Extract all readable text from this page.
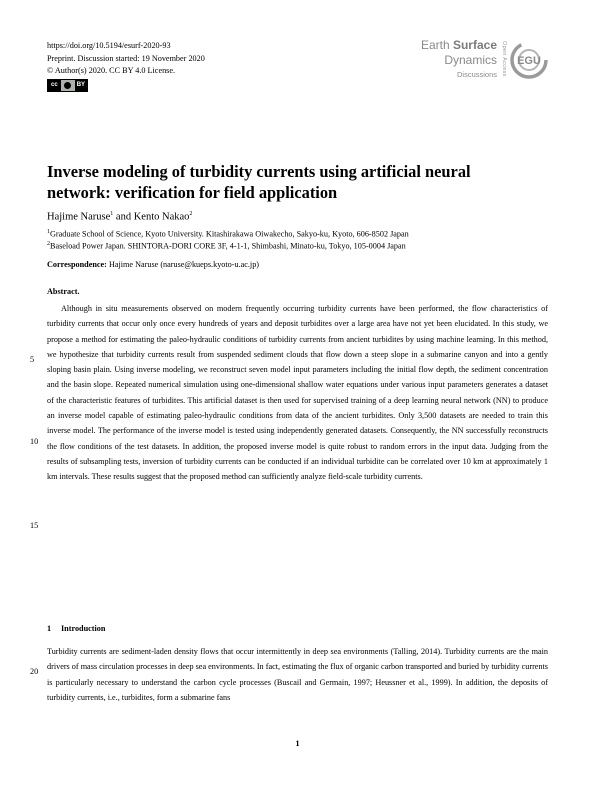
https://doi.org/10.5194/esurf-2020-93
Preprint. Discussion started: 19 November 2020
© Author(s) 2020. CC BY 4.0 License.
cc	BY
Earth Surface
Dynamics
Discussions Open Access EGU
Inverse modeling of turbidity currents using artificial neural network: verification for field application
Hajime Naruse$^1$ and Kento Nakao$^2$
$^1$Graduate School of Science, Kyoto University. Kitashirakawa Oiwakecho, Sakyo-ku, Kyoto, 606-8502 Japan
$^2$Baseload Power Japan. SHINTORA-DORI CORE 3F, 4-1-1, Shimbashi, Minato-ku, Tokyo, 105-0004 Japan
Correspondence: Hajime Naruse (naruse@kueps.kyoto-u.ac.jp)
Abstract.

Although in situ measurements observed on modern frequently occurring turbidity currents have been performed, the flow characteristics of turbidity currents that occur only once every hundreds of years and deposit turbidites over a large area have not yet been elucidated. In this study, we propose a method for estimating the paleo-hydraulic conditions of turbidity currents from ancient turbidites by using machine learning. In this method, we hypothesize that turbidity currents result from suspended sediment clouds that flow down a steep slope in a submarine canyon and into a gently sloping basin plain. Using inverse modeling, we reconstruct seven model input parameters including the initial flow depth, the sediment concentration and the basin slope. Repeated numerical simulation using one-dimensional shallow water equations under various input parameters generates a dataset of the characteristic features of turbidites. This artificial dataset is then used for supervised training of a deep learning neural network (NN) to produce an inverse model capable of estimating paleo-hydraulic conditions from data of the ancient turbidites. Only 3,500 datasets are needed to train this inverse model. The performance of the inverse model is tested using independently generated datasets. Consequently, the NN successfully reconstructs the flow conditions of the test datasets. In addition, the proposed inverse model is quite robust to random errors in the input data. Judging from the results of subsampling tests, inversion of turbidity currents can be conducted if an individual turbidite can be correlated over 10 km at approximately 1 km intervals. These results suggest that the proposed method can sufficiently analyze field-scale turbidity currents.

5
10
15
20
1 Introduction

Turbidity currents are sediment-laden density flows that occur intermittently in deep sea environments (Talling, 2014). Turbidity currents are the main drivers of mass circulation processes in deep sea environments. In fact, estimating the flux of organic carbon transported and buried by turbidity currents is particularly necessary to understand the carbon cycle processes (Buscail and Germain, 1997; Heussner et al., 1999). In addition, the deposits of turbidity currents, i.e., turbidites, form a submarine fans

1
